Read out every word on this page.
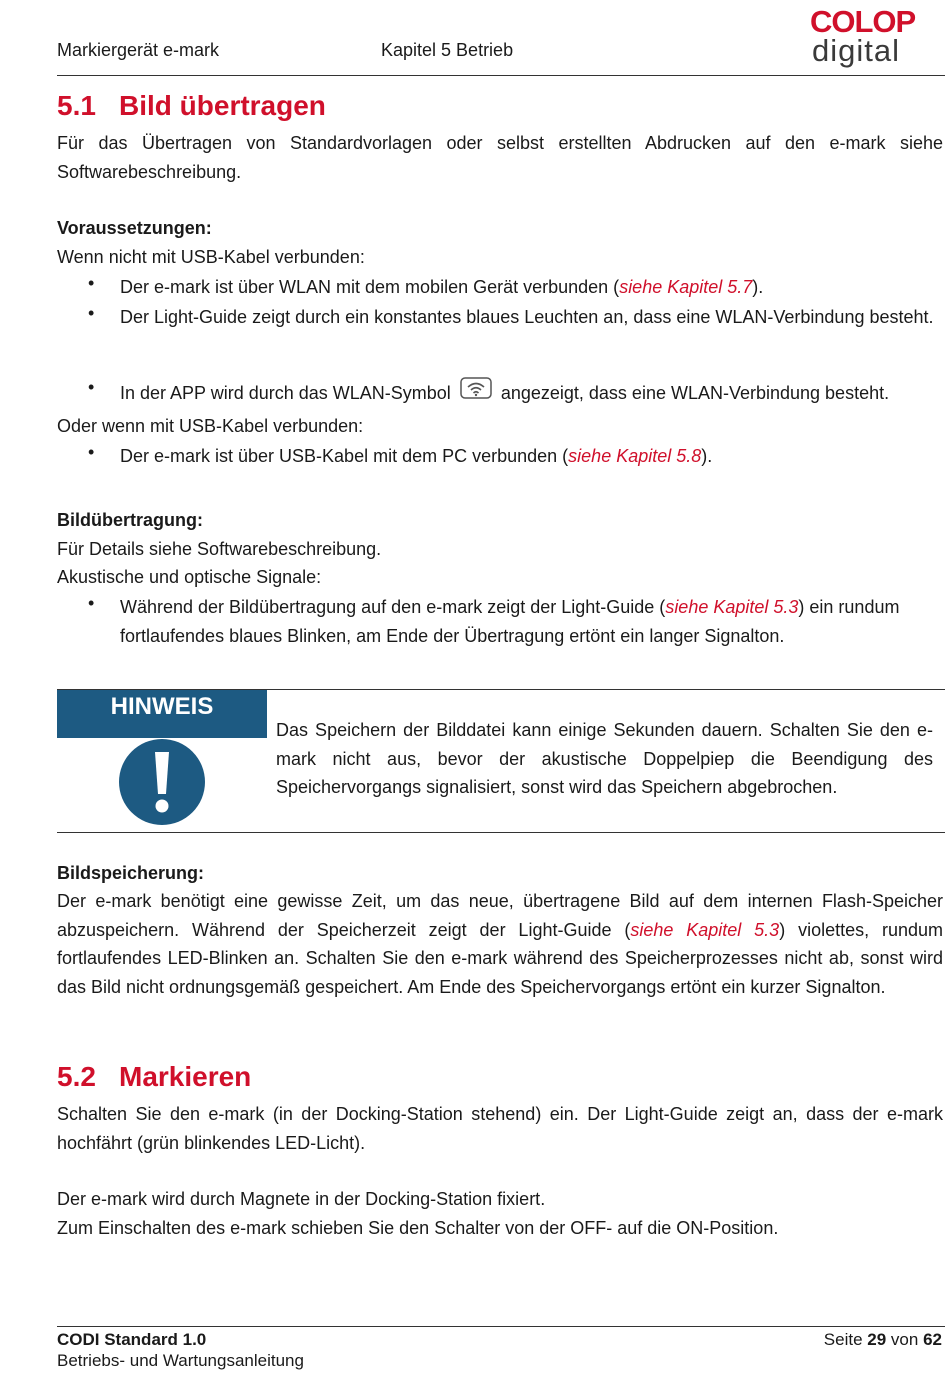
Markiergerät e-mark	Kapitel 5 Betrieb
COLOP
digital
5.1 Bild übertragen
Für das Übertragen von Standardvorlagen oder selbst erstellten Abdrucken auf den e-mark siehe Softwarebeschreibung.
Voraussetzungen:
Wenn nicht mit USB-Kabel verbunden:
• Der e-mark ist über WLAN mit dem mobilen Gerät verbunden (siehe Kapitel 5.7).
• Der Light-Guide zeigt durch ein konstantes blaues Leuchten an, dass eine WLAN-Verbindung besteht.
• In der APP wird durch das WLAN-Symbol	angezeigt, dass eine WLAN-Verbindung besteht.
Oder wenn mit USB-Kabel verbunden:
• Der e-mark ist über USB-Kabel mit dem PC verbunden (siehe Kapitel 5.8).
Bildübertragung:
Für Details siehe Softwarebeschreibung.
Akustische und optische Signale:
• Während der Bildübertragung auf den e-mark zeigt der Light-Guide (siehe Kapitel 5.3) ein rundum fortlaufendes blaues Blinken, am Ende der Übertragung ertönt ein langer Signalton.
HINWEIS
Das Speichern der Bilddatei kann einige Sekunden dauern. Schalten Sie den e-mark nicht aus, bevor der akustische Doppelpiep die Beendigung des Speichervorgangs signalisiert, sonst wird das Speichern abgebrochen.
Bildspeicherung:
Der e-mark benötigt eine gewisse Zeit, um das neue, übertragene Bild auf dem internen Flash-Speicher abzuspeichern. Während der Speicherzeit zeigt der Light-Guide (siehe Kapitel 5.3) violettes, rundum fortlaufendes LED-Blinken an. Schalten Sie den e-mark während des Speicherprozesses nicht ab, sonst wird das Bild nicht ordnungsgemäß gespeichert. Am Ende des Speichervorgangs ertönt ein kurzer Signalton.
5.2 Markieren
Schalten Sie den e-mark (in der Docking-Station stehend) ein. Der Light-Guide zeigt an, dass der e-mark hochfährt (grün blinkendes LED-Licht).
Der e-mark wird durch Magnete in der Docking-Station fixiert.
Zum Einschalten des e-mark schieben Sie den Schalter von der OFF- auf die ON-Position.
CODI Standard 1.0
Betriebs- und Wartungsanleitung
Seite 29 von 62
